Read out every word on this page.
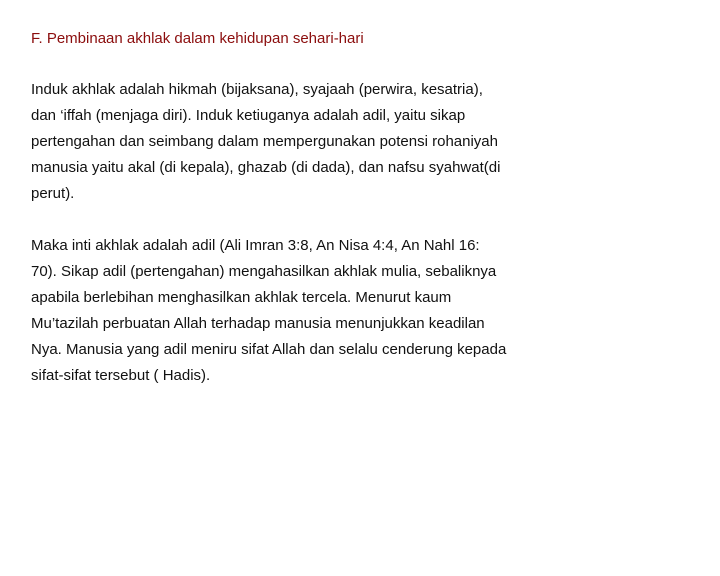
F. Pembinaan akhlak dalam kehidupan sehari-hari

Induk akhlak adalah hikmah (bijaksana), syajaah (perwira, kesatria),
dan ‘iffah (menjaga diri). Induk ketiuganya adalah adil, yaitu sikap
pertengahan dan seimbang dalam mempergunakan potensi rohaniyah
manusia yaitu akal (di kepala), ghazab (di dada), dan nafsu syahwat(di
perut).

Maka inti akhlak adalah adil (Ali Imran 3:8, An Nisa 4:4, An Nahl 16:
70). Sikap adil (pertengahan) mengahasilkan akhlak mulia, sebaliknya
apabila berlebihan menghasilkan akhlak tercela. Menurut kaum
Mu’tazilah perbuatan Allah terhadap manusia menunjukkan keadilan
Nya. Manusia yang adil meniru sifat Allah dan selalu cenderung kepada
sifat-sifat tersebut ( Hadis).
